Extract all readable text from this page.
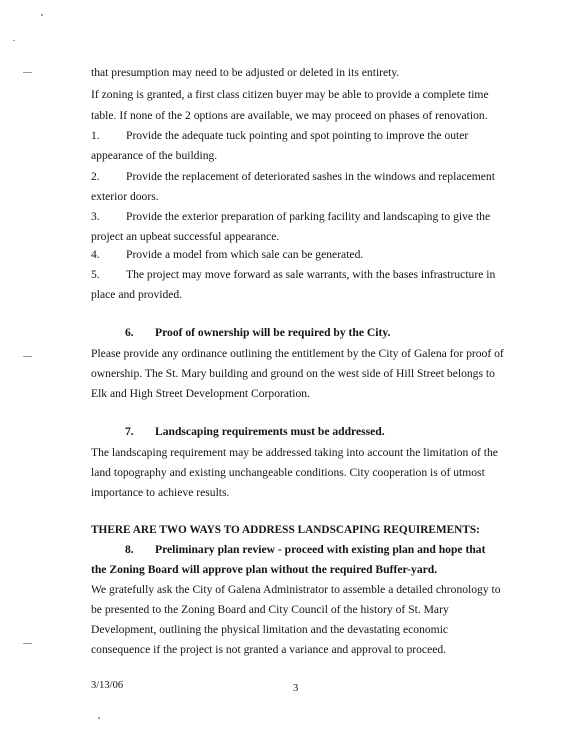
that presumption may need to be adjusted or deleted in its entirety.
If zoning is granted, a first class citizen buyer may be able to provide a complete time
table. If none of the 2 options are available, we may proceed on phases of renovation.
1. Provide the adequate tuck pointing and spot pointing to improve the outer
appearance of the building.
2. Provide the replacement of deteriorated sashes in the windows and replacement
exterior doors.
3. Provide the exterior preparation of parking facility and landscaping to give the
project an upbeat successful appearance.
4. Provide a model from which sale can be generated.
5. The project may move forward as sale warrants, with the bases infrastructure in
place and provided.
6. Proof of ownership will be required by the City.
Please provide any ordinance outlining the entitlement by the City of Galena for proof of
ownership. The St. Mary building and ground on the west side of Hill Street belongs to
Elk and High Street Development Corporation.
7. Landscaping requirements must be addressed.
The landscaping requirement may be addressed taking into account the limitation of the
land topography and existing unchangeable conditions. City cooperation is of utmost
importance to achieve results.
THERE ARE TWO WAYS TO ADDRESS LANDSCAPING REQUIREMENTS:
8. Preliminary plan review - proceed with existing plan and hope that
the Zoning Board will approve plan without the required Buffer-yard.
We gratefully ask the City of Galena Administrator to assemble a detailed chronology to
be presented to the Zoning Board and City Council of the history of St. Mary
Development, outlining the physical limitation and the devastating economic
consequence if the project is not granted a variance and approval to proceed.
3/13/06	3
